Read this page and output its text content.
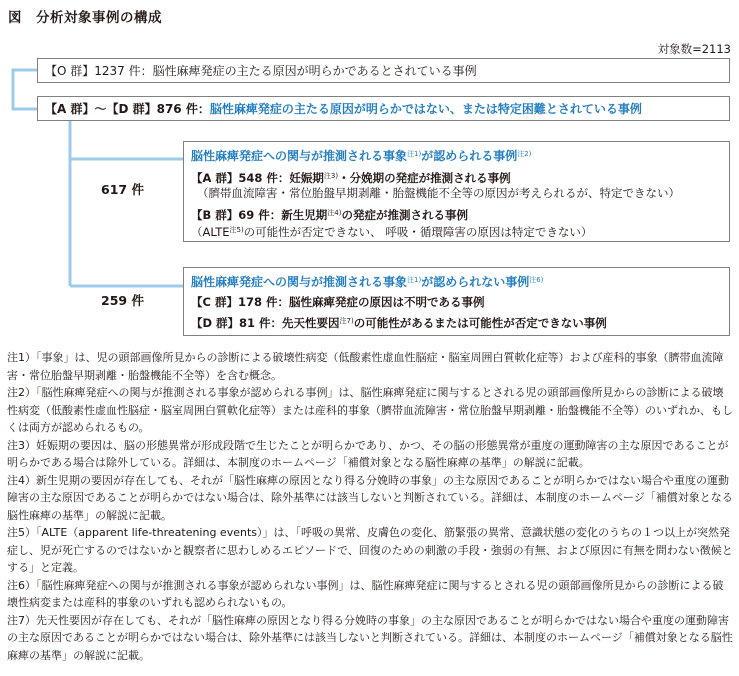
図 分析対象事例の構成
対象数=2113
【O 群】1237 件：脳性麻痺発症の主たる原因が明らかであるとされている事例
【A 群】～【D 群】876 件：脳性麻痺発症の主たる原因が明らかではない、または特定困難とされている事例
617 件
259 件
脳性麻痺発症への関与が推測される事象$^{注1)}$が認められる事例$^{注2)}$
【A 群】548 件：妊娠期$^{注3)}$・分娩期の発症が推測される事例
（臍帯血流障害・常位胎盤早期剥離・胎盤機能不全等の原因が考えられるが、特定できない）
【B 群】69 件：新生児期$^{注4)}$の発症が推測される事例
（ALTE$^{注5)}$の可能性が否定できない、 呼吸・循環障害の原因は特定できない）
脳性麻痺発症への関与が推測される事象$^{注1)}$が認められない事例$^{注6)}$
【C 群】178 件：脳性麻痺発症の原因は不明である事例
【D 群】81 件：先天性要因$^{注7)}$の可能性があるまたは可能性が否定できない事例

注1）「事象」は、児の頭部画像所見からの診断による破壊性病変（低酸素性虚血性脳症・脳室周囲白質軟化症等）および産科的事象（臍帯血流障害・常位胎盤早期剥離・胎盤機能不全等）を含む概念。

注2）「脳性麻痺発症への関与が推測される事象が認められる事例」は、脳性麻痺発症に関与するとされる児の頭部画像所見からの診断による破壊性病変（低酸素性虚血性脳症・脳室周囲白質軟化症等）または産科的事象（臍帯血流障害・常位胎盤早期剥離・胎盤機能不全等）のいずれか、もしくは両方が認められるもの。

注3）妊娠期の要因は、脳の形態異常が形成段階で生じたことが明らかであり、かつ、その脳の形態異常が重度の運動障害の主な原因であることが明らかである場合は除外している。詳細は、本制度のホームページ「補償対象となる脳性麻痺の基準」の解説に記載。

注4）新生児期の要因が存在しても、それが「脳性麻痺の原因となり得る分娩時の事象」の主な原因であることが明らかではない場合や重度の運動障害の主な原因であることが明らかではない場合は、除外基準には該当しないと判断されている。詳細は、本制度のホームページ「補償対象となる脳性麻痺の基準」の解説に記載。

注5）「ALTE（apparent life-threatening events）」は、「呼吸の異常、皮膚色の変化、筋緊張の異常、意識状態の変化のうちの１つ以上が突然発症し、児が死亡するのではないかと観察者に思わしめるエピソードで、回復のための刺激の手段・強弱の有無、および原因に有無を問わない徴候とする」と定義。

注6）「脳性麻痺発症への関与が推測される事象が認められない事例」は、脳性麻痺発症に関与するとされる児の頭部画像所見からの診断による破壊性病変または産科的事象のいずれも認められないもの。

注7）先天性要因が存在しても、それが「脳性麻痺の原因となり得る分娩時の事象」の主な原因であることが明らかではない場合や重度の運動障害の主な原因であることが明らかではない場合は、除外基準には該当しないと判断されている。詳細は、本制度のホームページ「補償対象となる脳性麻痺の基準」の解説に記載。
